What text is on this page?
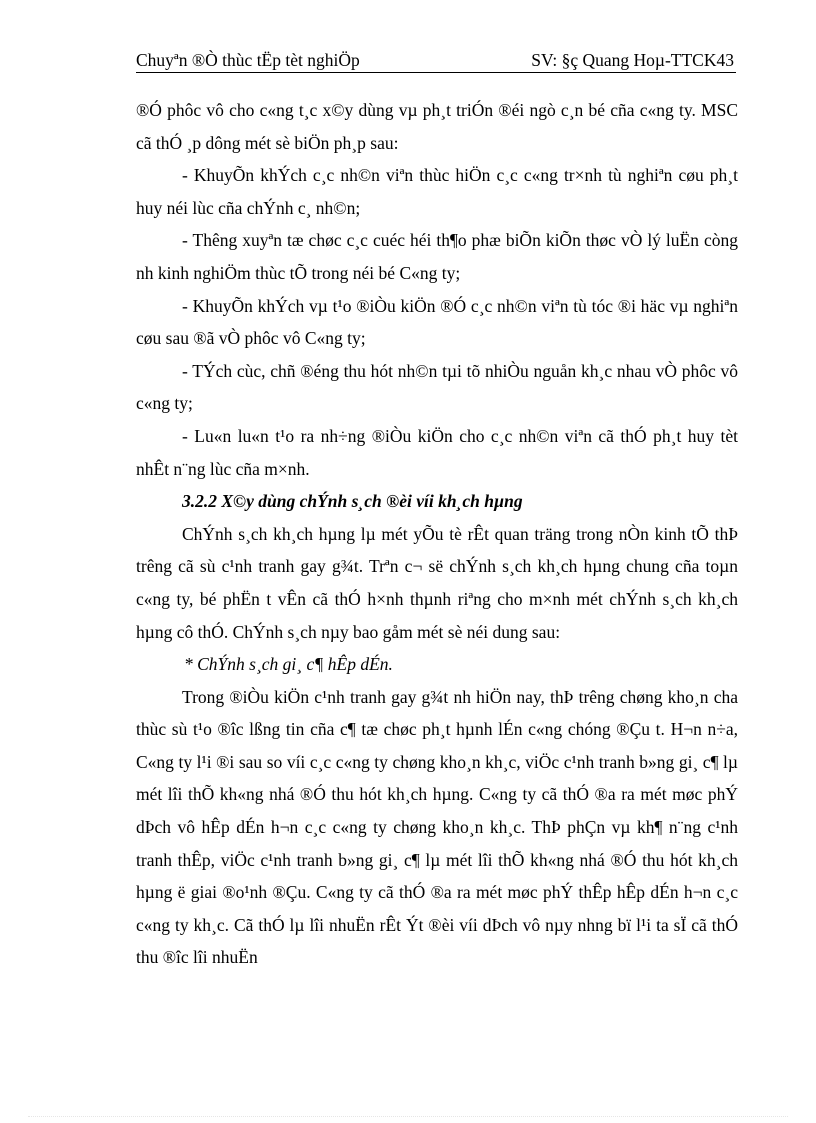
Chuyªn ®Ò thùc tËp tèt nghiÖp	SV: §ç Quang Hoµ-TTCK43

®Ó phôc vô cho c«ng t¸c x©y dùng vµ ph¸t triÓn ®éi ngò c¸n bé cña c«ng ty. MSC cã thÓ ¸p dông mét sè biÖn ph¸p sau:

- KhuyÕn khÝch c¸c nh©n viªn thùc hiÖn c¸c c«ng tr×nh tù nghiªn cøu ph¸t huy néi lùc cña chÝnh c¸ nh©n;

- Thêng xuyªn tæ chøc c¸c cuéc héi th¶o phæ biÕn kiÕn thøc vÒ lý luËn còng nh kinh nghiÖm thùc tÕ trong néi bé C«ng ty;

- KhuyÕn khÝch vµ t¹o ®iÒu kiÖn ®Ó c¸c nh©n viªn tù tóc ®i häc vµ nghiªn cøu sau ®ã vÒ phôc vô C«ng ty;

- TÝch cùc, chñ ®éng thu hót nh©n tµi tõ nhiÒu nguån kh¸c nhau vÒ phôc vô c«ng ty;

- Lu«n lu«n t¹o ra nh÷ng ®iÒu kiÖn cho c¸c nh©n viªn cã thÓ ph¸t huy tèt nhÊt n¨ng lùc cña m×nh.

3.2.2 X©y dùng chÝnh s¸ch ®èi víi kh¸ch hµng

ChÝnh s¸ch kh¸ch hµng lµ mét yÕu tè rÊt quan träng trong nÒn kinh tÕ thÞ trêng cã sù c¹nh tranh gay g¾t. Trªn c¬ së chÝnh s¸ch kh¸ch hµng chung cña toµn c«ng ty, bé phËn t vÊn cã thÓ h×nh thµnh riªng cho m×nh mét chÝnh s¸ch kh¸ch hµng cô thÓ. ChÝnh s¸ch nµy bao gåm mét sè néi dung sau:

* ChÝnh s¸ch gi¸ c¶ hÊp dÉn.

Trong ®iÒu kiÖn c¹nh tranh gay g¾t nh hiÖn nay, thÞ trêng chøng kho¸n cha thùc sù t¹o ®îc lßng tin cña c¶ tæ chøc ph¸t hµnh lÉn c«ng chóng ®Çu t. H¬n n÷a, C«ng ty l¹i ®i sau so víi c¸c c«ng ty chøng kho¸n kh¸c, viÖc c¹nh tranh b»ng gi¸ c¶ lµ mét lîi thÕ kh«ng nhá ®Ó thu hót kh¸ch hµng. C«ng ty cã thÓ ®a ra mét møc phÝ dÞch vô hÊp dÉn h¬n c¸c c«ng ty chøng kho¸n kh¸c. ThÞ phÇn vµ kh¶ n¨ng c¹nh tranh thÊp, viÖc c¹nh tranh b»ng gi¸ c¶ lµ mét lîi thÕ kh«ng nhá ®Ó thu hót kh¸ch hµng ë giai ®o¹nh ®Çu. C«ng ty cã thÓ ®a ra mét møc phÝ thÊp hÊp dÉn h¬n c¸c c«ng ty kh¸c. Cã thÓ lµ lîi nhuËn rÊt Ýt ®èi víi dÞch vô nµy nhng bï l¹i ta sÏ cã thÓ thu ®îc lîi nhuËn
